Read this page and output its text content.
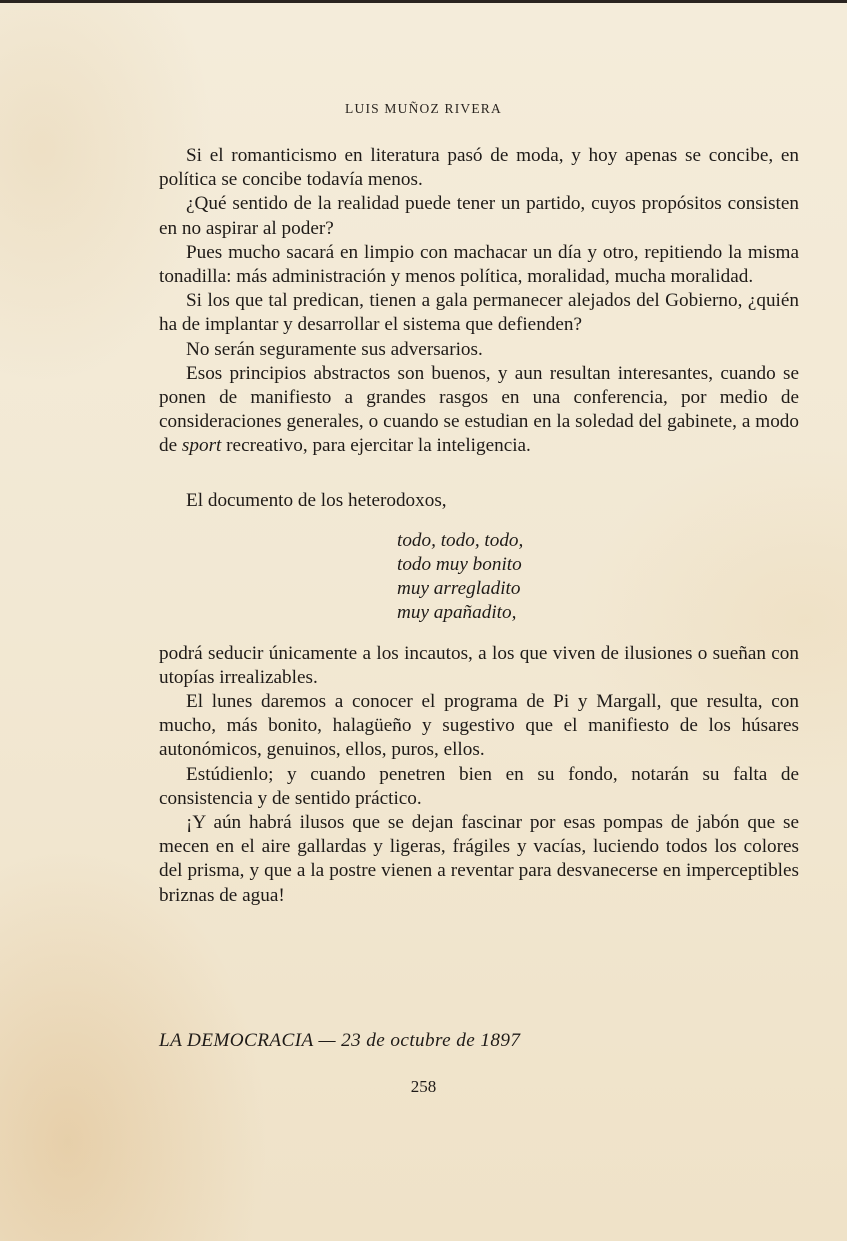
LUIS MUÑOZ RIVERA

Si el romanticismo en literatura pasó de moda, y hoy apenas se concibe, en política se concibe todavía menos.

¿Qué sentido de la realidad puede tener un partido, cuyos propósitos consisten en no aspirar al poder?

Pues mucho sacará en limpio con machacar un día y otro, repitiendo la misma tonadilla: más administración y menos política, moralidad, mucha moralidad.

Si los que tal predican, tienen a gala permanecer alejados del Gobierno, ¿quién ha de implantar y desarrollar el sistema que defienden?

No serán seguramente sus adversarios.

Esos principios abstractos son buenos, y aun resultan interesantes, cuando se ponen de manifiesto a grandes rasgos en una conferencia, por medio de consideraciones generales, o cuando se estudian en la soledad del gabinete, a modo de sport recreativo, para ejercitar la inteligencia.

El documento de los heterodoxos,

todo, todo, todo,
todo muy bonito
muy arregladito
muy apañadito,

podrá seducir únicamente a los incautos, a los que viven de ilusiones o sueñan con utopías irrealizables.

El lunes daremos a conocer el programa de Pi y Margall, que resulta, con mucho, más bonito, halagüeño y sugestivo que el manifiesto de los húsares autonómicos, genuinos, ellos, puros, ellos.

Estúdienlo; y cuando penetren bien en su fondo, notarán su falta de consistencia y de sentido práctico.

¡Y aún habrá ilusos que se dejan fascinar por esas pompas de jabón que se mecen en el aire gallardas y ligeras, frágiles y vacías, luciendo todos los colores del prisma, y que a la postre vienen a reventar para desvanecerse en imperceptibles briznas de agua!

LA DEMOCRACIA — 23 de octubre de 1897
258
